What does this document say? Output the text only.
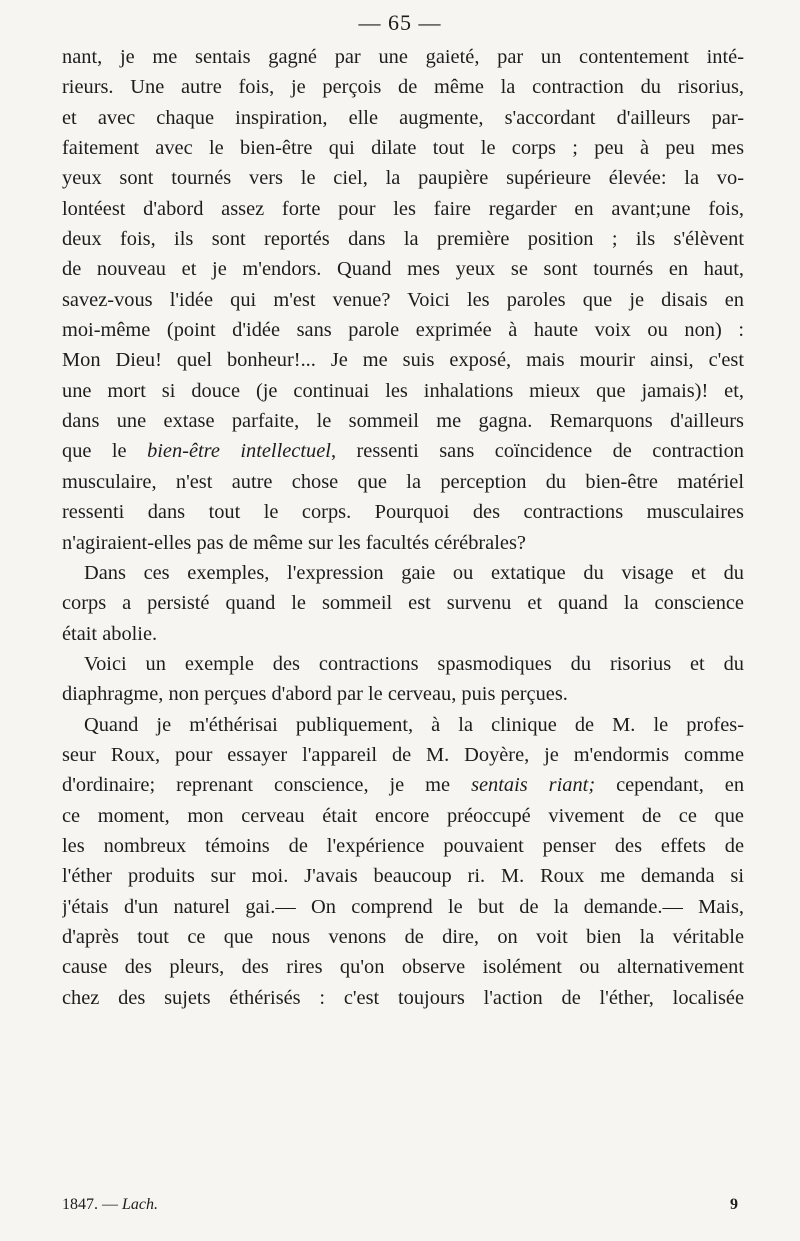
— 65 —
nant, je me sentais gagné par une gaieté, par un contentement inté-
rieurs. Une autre fois, je perçois de même la contraction du risorius,
et avec chaque inspiration, elle augmente, s'accordant d'ailleurs par-
faitement avec le bien-être qui dilate tout le corps ; peu à peu mes
yeux sont tournés vers le ciel, la paupière supérieure élevée: la vo-
lontéest d'abord assez forte pour les faire regarder en avant;une fois,
deux fois, ils sont reportés dans la première position ; ils s'élèvent
de nouveau et je m'endors. Quand mes yeux se sont tournés en haut,
savez-vous l'idée qui m'est venue? Voici les paroles que je disais en
moi-même (point d'idée sans parole exprimée à haute voix ou non) :
Mon Dieu! quel bonheur!... Je me suis exposé, mais mourir ainsi, c'est
une mort si douce (je continuai les inhalations mieux que jamais)! et,
dans une extase parfaite, le sommeil me gagna. Remarquons d'ailleurs
que le bien-être intellectuel, ressenti sans coïncidence de contraction
musculaire, n'est autre chose que la perception du bien-être matériel
ressenti dans tout le corps. Pourquoi des contractions musculaires
n'agiraient-elles pas de même sur les facultés cérébrales?
Dans ces exemples, l'expression gaie ou extatique du visage et du
corps a persisté quand le sommeil est survenu et quand la conscience
était abolie.
Voici un exemple des contractions spasmodiques du risorius et du
diaphragme, non perçues d'abord par le cerveau, puis perçues.
Quand je m'éthérisai publiquement, à la clinique de M. le profes-
seur Roux, pour essayer l'appareil de M. Doyère, je m'endormis comme
d'ordinaire; reprenant conscience, je me sentais riant; cependant, en
ce moment, mon cerveau était encore préoccupé vivement de ce que
les nombreux témoins de l'expérience pouvaient penser des effets de
l'éther produits sur moi. J'avais beaucoup ri. M. Roux me demanda si
j'étais d'un naturel gai.— On comprend le but de la demande.— Mais,
d'après tout ce que nous venons de dire, on voit bien la véritable
cause des pleurs, des rires qu'on observe isolément ou alternativement
chez des sujets éthérisés : c'est toujours l'action de l'éther, localisée
1847. — Lach.	9
